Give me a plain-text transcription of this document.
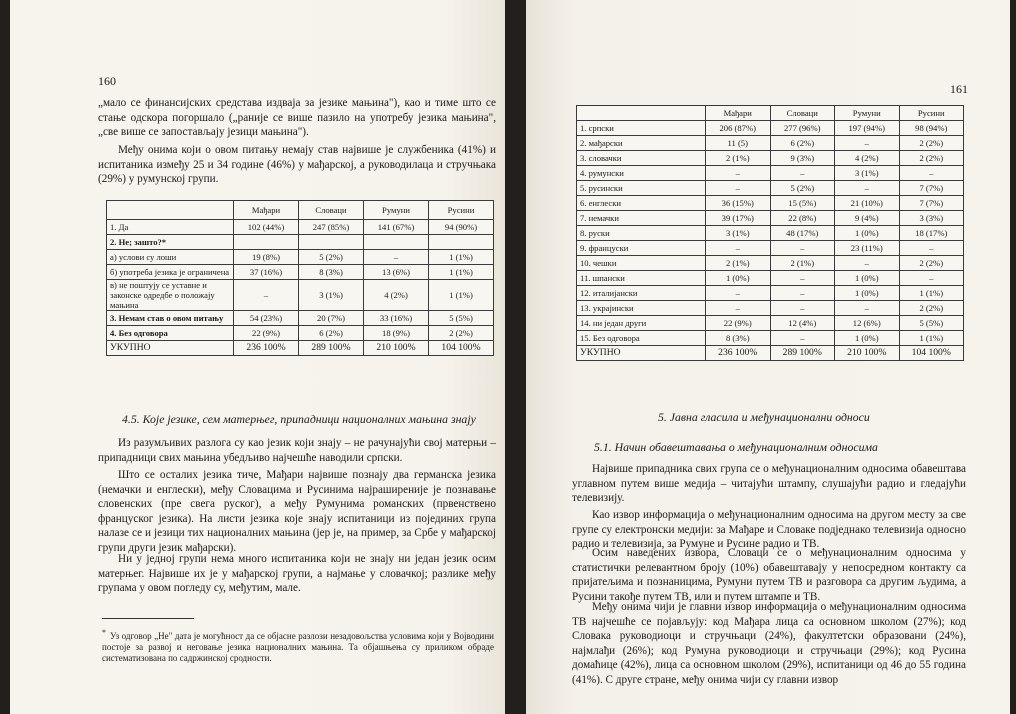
160

„мало се финансијских средстава издваја за језике мањина"), као и тиме што се стање одскора погоршало („раније се више пазило на употребу језика мањина", „све више се запостављају језици мањина").

Међу онима који о овом питању немају став највише је службеника (41%) и испитаника између 25 и 34 године (46%) у мађарској, а руководилаца и стручњака (29%) у румунској групи.

	Мађари	Словаци	Румуни	Русини
1. Да	102 (44%)	247 (85%)	141 (67%)	94 (90%)
2. Не; зашто?*				
а) услови су лоши	19 (8%)	5 (2%)	–	1 (1%)
б) употреба језика је ограничена	37 (16%)	8 (3%)	13 (6%)	1 (1%)
в) не поштују се уставне и законске одредбе о положају мањина	–	3 (1%)	4 (2%)	1 (1%)
3. Немам став о овом питању	54 (23%)	20 (7%)	33 (16%)	5 (5%)
4. Без одговора	22 (9%)	6 (2%)	18 (9%)	2 (2%)
УКУПНО	236 100%	289 100%	210 100%	104 100%

4.5. Које језике, сем матерњег, припадници националних мањина знају

Из разумљивих разлога су као језик који знају – не рачунајући свој матерњи – припадници свих мањина убедљиво најчешће наводили српски.

Што се осталих језика тиче, Мађари највише познају два германска језика (немачки и енглески), међу Словацима и Русинима најраширеније је познавање словенских (пре свега руског), а међу Румунима романских (првенствено француског језика). На листи језика које знају испитаници из појединих група налазе се и језици тих националних мањина (јер је, на пример, за Србе у мађарској групи други језик мађарски).

Ни у једној групи нема много испитаника који не знају ни један језик осим матерњег. Највише их је у мађарској групи, а најмање у словачкој; разлике међу групама у овом погледу су, међутим, мале.

* Уз одговор „Не" дата је могућност да се објасне разлози незадовољства условима који у Војводини постоје за развој и неговање језика националних мањина. Та објашњења су приликом обраде систематизована по садржинској сродности.

161
	Мађари	Словаци	Румуни	Русини
1. српски	206 (87%)	277 (96%)	197 (94%)	98 (94%)
2. мађарски	11 (5)	6 (2%)	–	2 (2%)
3. словачки	2 (1%)	9 (3%)	4 (2%)	2 (2%)
4. румунски	–	–	3 (1%)	–
5. русински	–	5 (2%)	–	7 (7%)
6. енглески	36 (15%)	15 (5%)	21 (10%)	7 (7%)
7. немачки	39 (17%)	22 (8%)	9 (4%)	3 (3%)
8. руски	3 (1%)	48 (17%)	1 (0%)	18 (17%)
9. француски	–	–	23 (11%)	–
10. чешки	2 (1%)	2 (1%)	–	2 (2%)
11. шпански	1 (0%)	–	1 (0%)	–
12. италијански	–	–	1 (0%)	1 (1%)
13. украјински	–	–	–	2 (2%)
14. ни један други	22 (9%)	12 (4%)	12 (6%)	5 (5%)
15. Без одговора	8 (3%)	–	1 (0%)	1 (1%)
УКУПНО	236 100%	289 100%	210 100%	104 100%

5. Јавна гласила и међунационални односи

5.1. Начин обавештавања о међунационалним односима

Највише припадника свих група се о међунационалним односима обавештава углавном путем више медија – читајући штампу, слушајући радио и гледајући телевизију.

Као извор информација о међунационалним односима на другом месту за све групе су електронски медији: за Мађаре и Словаке подједнако телевизија односно радио и телевизија, за Румуне и Русине радио и ТВ.

Осим наведених извора, Словаци се о међунационалним односима у статистички релевантном броју (10%) обавештавају у непосредном контакту са пријатељима и познаницима, Румуни путем ТВ и разговора са другим људима, а Русини такође путем ТВ, или и путем штампе и ТВ.

Међу онима чији је главни извор информација о међунационалним односима ТВ најчешће се појављују: код Мађара лица са основном школом (27%); код Словака руководиоци и стручњаци (24%), факултетски образовани (24%), најмлађи (26%); код Румуна руководиоци и стручњаци (29%); код Русина домаћице (42%), лица са основном школом (29%), испитаници од 46 до 55 година (41%). С друге стране, међу онима чији су главни извор
